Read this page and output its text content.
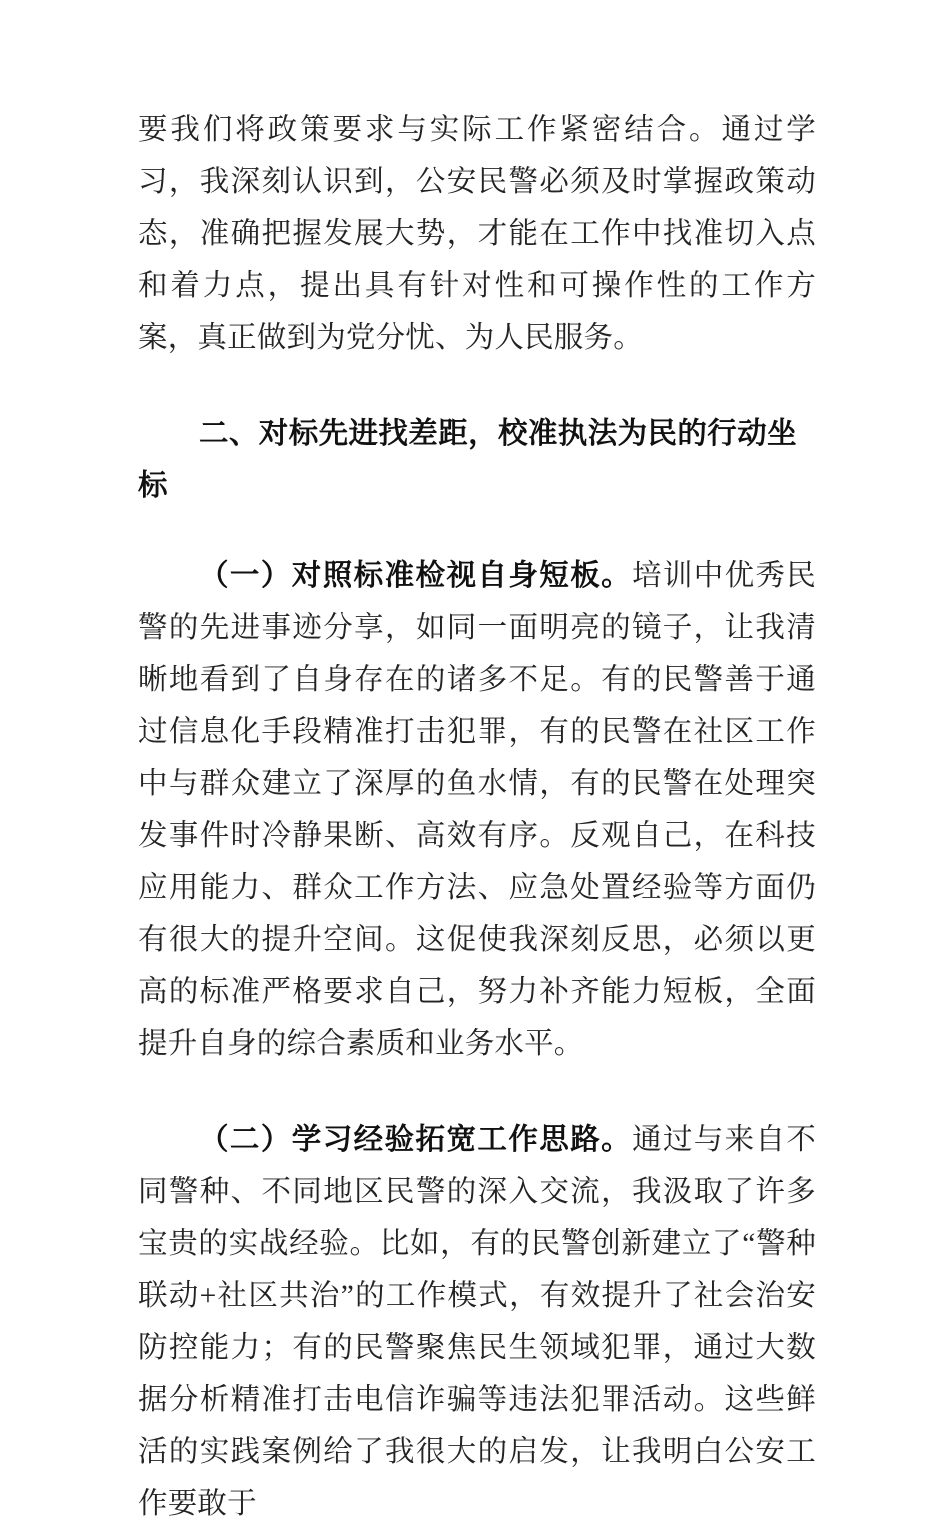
要我们将政策要求与实际工作紧密结合。通过学习，我深刻认识到，公安民警必须及时掌握政策动态，准确把握发展大势，才能在工作中找准切入点和着力点，提出具有针对性和可操作性的工作方案，真正做到为党分忧、为人民服务。

二、对标先进找差距，校准执法为民的行动坐标

（一）对照标准检视自身短板。培训中优秀民警的先进事迹分享，如同一面明亮的镜子，让我清晰地看到了自身存在的诸多不足。有的民警善于通过信息化手段精准打击犯罪，有的民警在社区工作中与群众建立了深厚的鱼水情，有的民警在处理突发事件时冷静果断、高效有序。反观自己，在科技应用能力、群众工作方法、应急处置经验等方面仍有很大的提升空间。这促使我深刻反思，必须以更高的标准严格要求自己，努力补齐能力短板，全面提升自身的综合素质和业务水平。

（二）学习经验拓宽工作思路。通过与来自不同警种、不同地区民警的深入交流，我汲取了许多宝贵的实战经验。比如，有的民警创新建立了“警种联动+社区共治”的工作模式，有效提升了社会治安防控能力；有的民警聚焦民生领域犯罪，通过大数据分析精准打击电信诈骗等违法犯罪活动。这些鲜活的实践案例给了我很大的启发，让我明白公安工作要敢于
